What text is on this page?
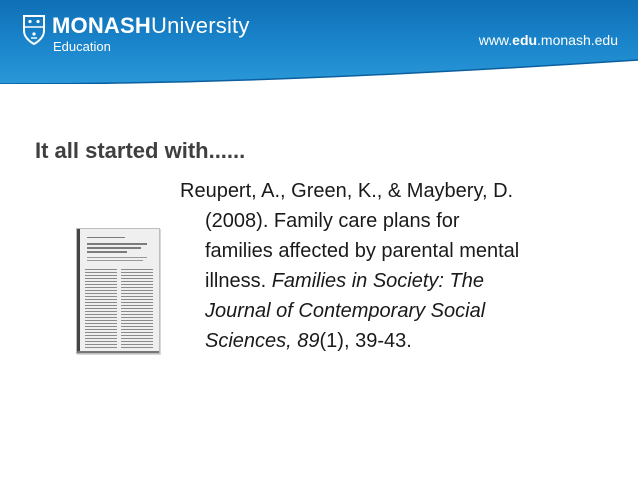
MONASHUniversity
Education	www.edu.monash.edu
It all started with......
Reupert, A., Green, K., & Maybery, D.
(2008). Family care plans for
families affected by parental mental
illness. Families in Society: The
Journal of Contemporary Social
Sciences, 89(1), 39-43.
